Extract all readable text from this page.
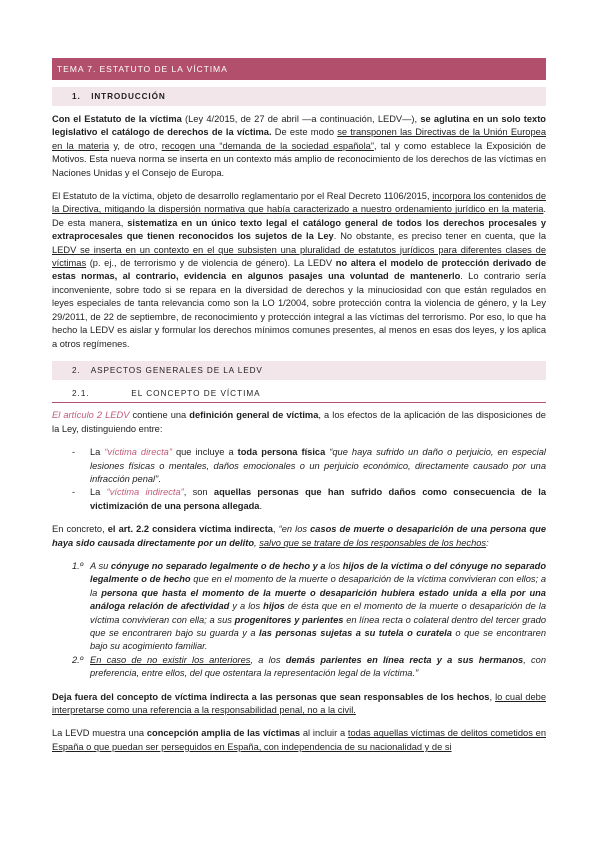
TEMA 7. ESTATUTO DE LA VÍCTIMA
1. INTRODUCCIÓN

Con el Estatuto de la víctima (Ley 4/2015, de 27 de abril —a continuación, LEDV—), se aglutina en un solo texto legislativo el catálogo de derechos de la víctima. De este modo se transponen las Directivas de la Unión Europea en la materia y, de otro, recogen una “demanda de la sociedad española”, tal y como establece la Exposición de Motivos. Esta nueva norma se inserta en un contexto más amplio de reconocimiento de los derechos de las víctimas en Naciones Unidas y el Consejo de Europa.

El Estatuto de la víctima, objeto de desarrollo reglamentario por el Real Decreto 1106/2015, incorpora los contenidos de la Directiva, mitigando la dispersión normativa que había caracterizado a nuestro ordenamiento jurídico en la materia. De esta manera, sistematiza en un único texto legal el catálogo general de todos los derechos procesales y extraprocesales que tienen reconocidos los sujetos de la Ley. No obstante, es preciso tener en cuenta, que la LEDV se inserta en un contexto en el que subsisten una pluralidad de estatutos jurídicos para diferentes clases de víctimas (p. ej., de terrorismo y de violencia de género). La LEDV no altera el modelo de protección derivado de estas normas, al contrario, evidencia en algunos pasajes una voluntad de mantenerlo. Lo contrario sería inconveniente, sobre todo si se repara en la diversidad de derechos y la minuciosidad con que están regulados en leyes especiales de tanta relevancia como son la LO 1/2004, sobre protección contra la violencia de género, y la Ley 29/2011, de 22 de septiembre, de reconocimiento y protección integral a las víctimas del terrorismo. Por eso, lo que ha hecho la LEDV es aislar y formular los derechos mínimos comunes presentes, al menos en esas dos leyes, y los aplica a otros regímenes.

2. ASPECTOS GENERALES DE LA LEDV
2.1.	EL CONCEPTO DE VÍCTIMA

El artículo 2 LEDV contiene una definición general de víctima, a los efectos de la aplicación de las disposiciones de la Ley, distinguiendo entre:

- La “víctima directa” que incluye a toda persona física “que haya sufrido un daño o perjuicio, en especial lesiones físicas o mentales, daños emocionales o un perjuicio económico, directamente causado por una infracción penal”.
- La “víctima indirecta”, son aquellas personas que han sufrido daños como consecuencia de la victimización de una persona allegada.

En concreto, el art. 2.2 considera víctima indirecta, “en los casos de muerte o desaparición de una persona que haya sido causada directamente por un delito, salvo que se tratare de los responsables de los hechos:

1.º A su cónyuge no separado legalmente o de hecho y a los hijos de la víctima o del cónyuge no separado legalmente o de hecho que en el momento de la muerte o desaparición de la víctima convivieran con ellos; a la persona que hasta el momento de la muerte o desaparición hubiera estado unida a ella por una análoga relación de afectividad y a los hijos de ésta que en el momento de la muerte o desaparición de la víctima convivieran con ella; a sus progenitores y parientes en línea recta o colateral dentro del tercer grado que se encontraren bajo su guarda y a las personas sujetas a su tutela o curatela o que se encontraren bajo su acogimiento familiar.
2.º En caso de no existir los anteriores, a los demás parientes en línea recta y a sus hermanos, con preferencia, entre ellos, del que ostentara la representación legal de la víctima.”

Deja fuera del concepto de víctima indirecta a las personas que sean responsables de los hechos, lo cual debe interpretarse como una referencia a la responsabilidad penal, no a la civil.

La LEVD muestra una concepción amplia de las víctimas al incluir a todas aquellas víctimas de delitos cometidos en España o que puedan ser perseguidos en España, con independencia de su nacionalidad y de si
